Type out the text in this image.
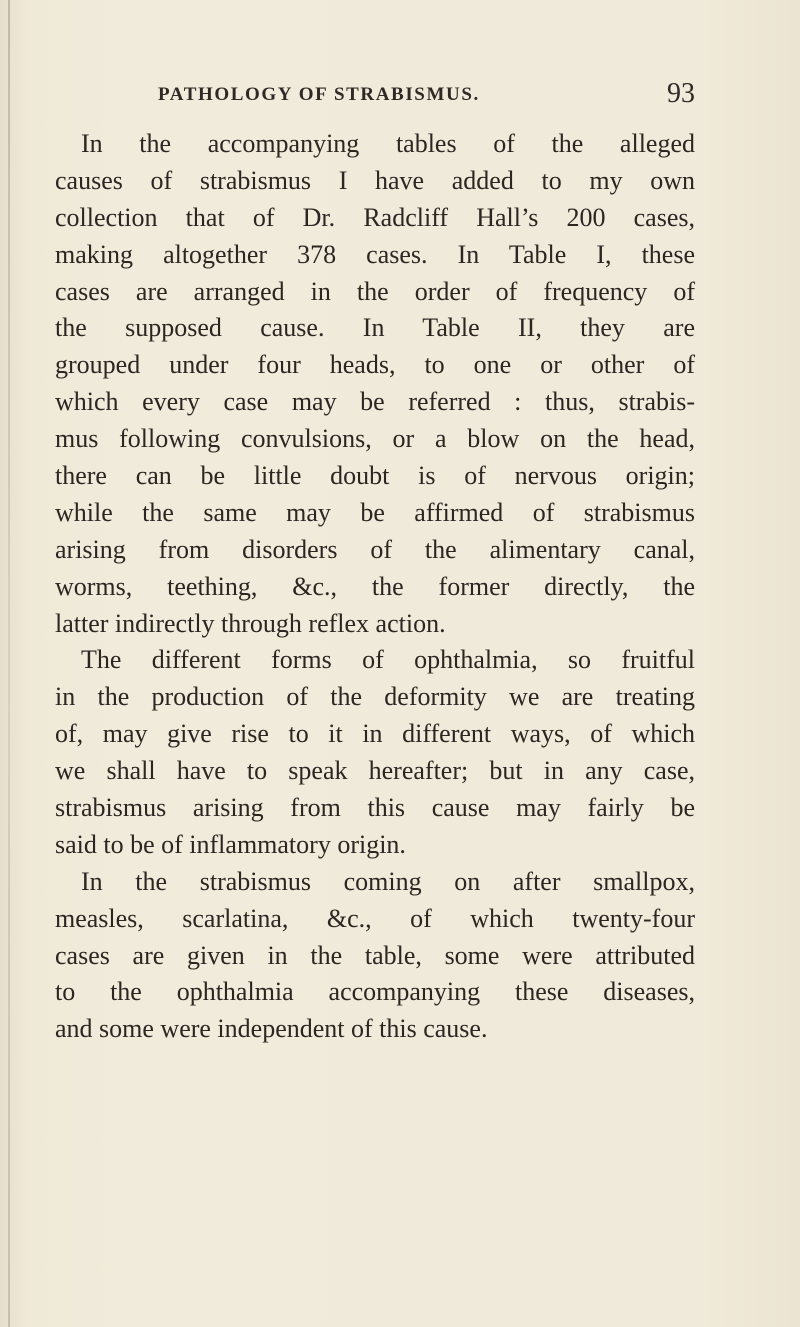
PATHOLOGY OF STRABISMUS.	93
In the accompanying tables of the alleged
causes of strabismus I have added to my own
collection that of Dr. Radcliff Hall’s 200 cases,
making altogether 378 cases. In Table I, these
cases are arranged in the order of frequency of
the supposed cause. In Table II, they are
grouped under four heads, to one or other of
which every case may be referred : thus, strabis-
mus following convulsions, or a blow on the head,
there can be little doubt is of nervous origin;
while the same may be affirmed of strabismus
arising from disorders of the alimentary canal,
worms, teething, &c., the former directly, the
latter indirectly through reflex action.
The different forms of ophthalmia, so fruitful
in the production of the deformity we are treating
of, may give rise to it in different ways, of which
we shall have to speak hereafter; but in any case,
strabismus arising from this cause may fairly be
said to be of inflammatory origin.
In the strabismus coming on after smallpox,
measles, scarlatina, &c., of which twenty-four
cases are given in the table, some were attributed
to the ophthalmia accompanying these diseases,
and some were independent of this cause.
